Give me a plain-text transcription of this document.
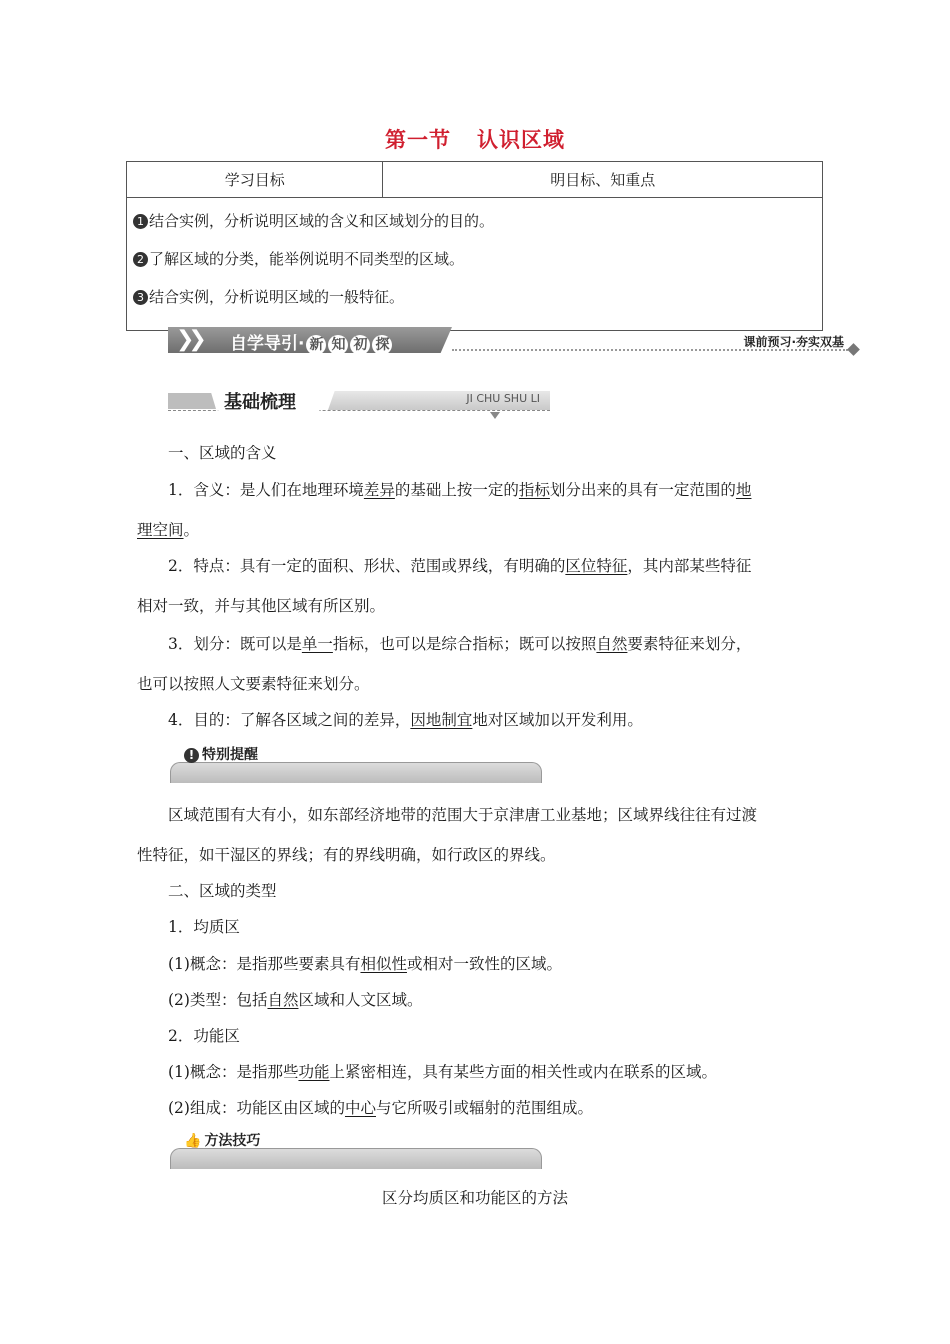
第一节 认识区域
学习目标	明目标、知重点

1 结合实例，分析说明区域的含义和区域划分的目的。
2 了解区域的分类，能举例说明不同类型的区域。
3 结合实例，分析说明区域的一般特征。
❯❯ 自学导引· 新 知 初 探	课前预习·夯实双基
基础梳理	JI CHU SHU LI

一、区域的含义

1．含义：是人们在地理环境差异的基础上按一定的指标划分出来的具有一定范围的地

理空间。

2．特点：具有一定的面积、形状、范围或界线，有明确的区位特征，其内部某些特征

相对一致，并与其他区域有所区别。

3．划分：既可以是单一指标，也可以是综合指标；既可以按照自然要素特征来划分，

也可以按照人文要素特征来划分。

4．目的：了解各区域之间的差异，因地制宜地对区域加以开发利用。

! 特别提醒

区域范围有大有小，如东部经济地带的范围大于京津唐工业基地；区域界线往往有过渡

性特征，如干湿区的界线；有的界线明确，如行政区的界线。

二、区域的类型

1．均质区

(1)概念：是指那些要素具有相似性或相对一致性的区域。

(2)类型：包括自然区域和人文区域。

2．功能区

(1)概念：是指那些功能上紧密相连，具有某些方面的相关性或内在联系的区域。

(2)组成：功能区由区域的中心与它所吸引或辐射的范围组成。

👍 方法技巧

区分均质区和功能区的方法
